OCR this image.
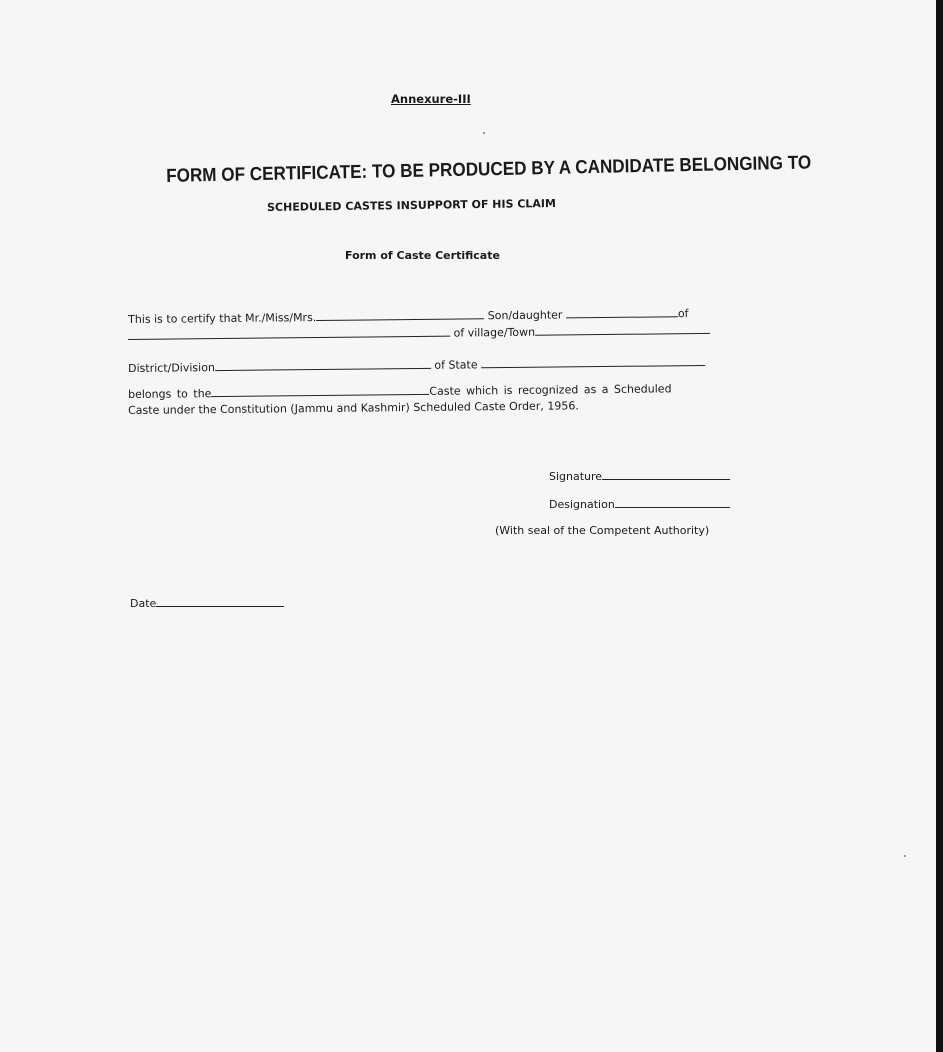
Annexure-III
FORM OF CERTIFICATE: TO BE PRODUCED BY A CANDIDATE BELONGING TO
SCHEDULED CASTES INSUPPORT OF HIS CLAIM
Form of Caste Certificate
This is to certify that Mr./Miss/Mrs.	Son/daughter	of
of village/Town
District/Division	of State
belongs to the	Caste which is recognized as a Scheduled
Caste under the Constitution (Jammu and Kashmir) Scheduled Caste Order, 1956.
Signature
Designation
(With seal of the Competent Authority)
Date
